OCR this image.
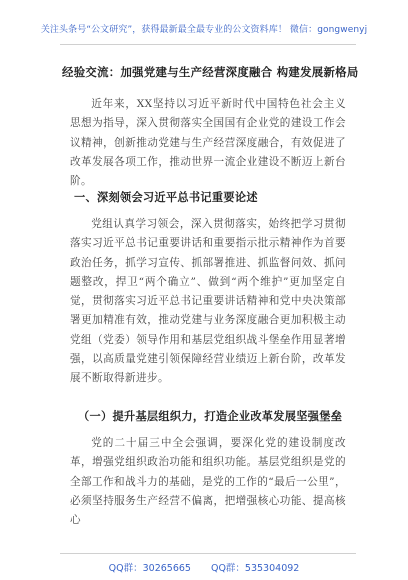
关注头条号“公文研究”，获得最新最全最专业的公文资料库！ 微信：gongwenyj
经验交流：加强党建与生产经营深度融合 构建发展新格局

近年来，XX坚持以习近平新时代中国特色社会主义思想为指导，深入贯彻落实全国国有企业党的建设工作会议精神，创新推动党建与生产经营深度融合，有效促进了改革发展各项工作，推动世界一流企业建设不断迈上新台阶。

一、深刻领会习近平总书记重要论述

党组认真学习领会，深入贯彻落实，始终把学习贯彻落实习近平总书记重要讲话和重要指示批示精神作为首要政治任务，抓学习宣传、抓部署推进、抓监督问效、抓问题整改，捍卫“两个确立”、做到“两个维护”更加坚定自觉，贯彻落实习近平总书记重要讲话精神和党中央决策部署更加精准有效，推动党建与业务深度融合更加积极主动党组（党委）领导作用和基层党组织战斗堡垒作用显著增强，以高质量党建引领保障经营业绩迈上新台阶，改革发展不断取得新进步。

（一）提升基层组织力，打造企业改革发展坚强堡垒

党的二十届三中全会强调，要深化党的建设制度改革，增强党组织政治功能和组织功能。基层党组织是党的全部工作和战斗力的基础，是党的工作的“最后一公里”，必须坚持服务生产经营不偏离，把增强核心功能、提高核心

QQ群：30265665 QQ群：535304092
